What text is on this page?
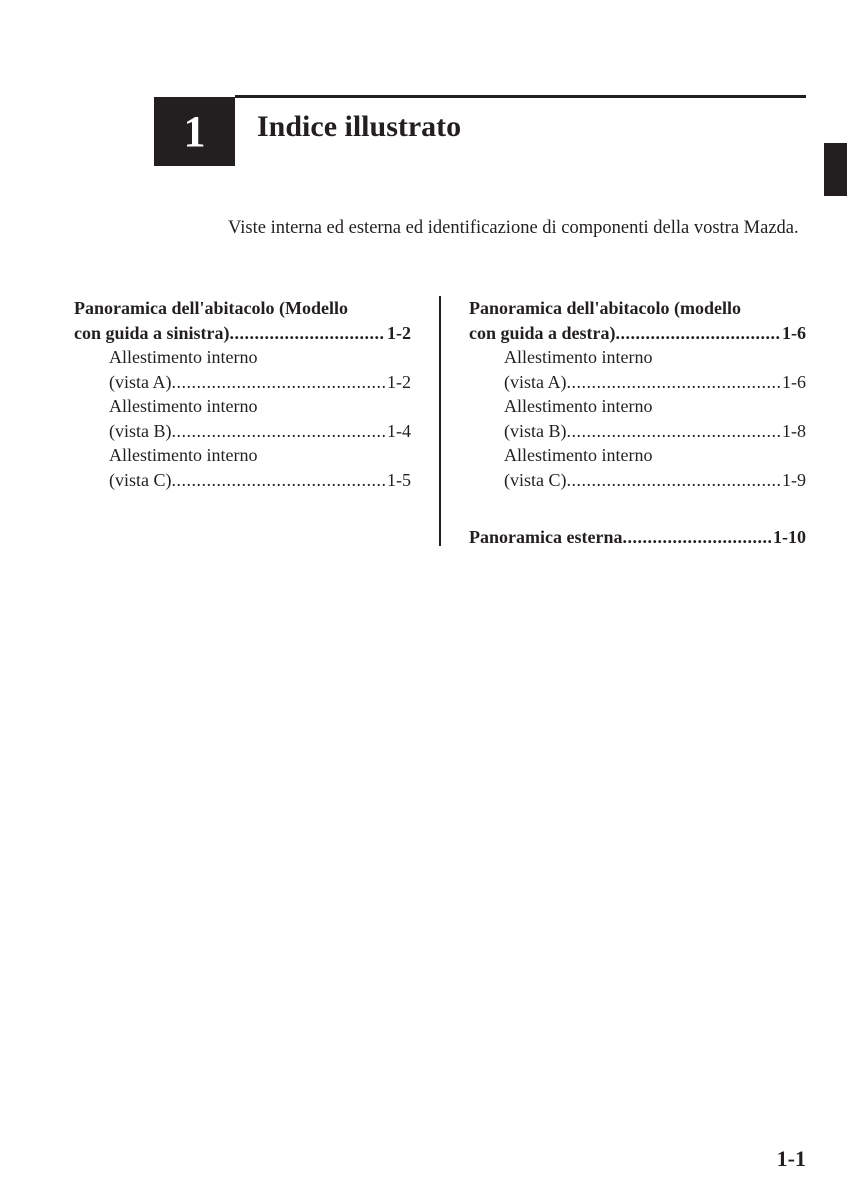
1 Indice illustrato
Viste interna ed esterna ed identificazione di componenti della vostra Mazda.
Panoramica dell'abitacolo (Modello
con guida a sinistra) .....	1-2
Allestimento interno
(vista A) .....	1-2
Allestimento interno
(vista B) .....	1-4
Allestimento interno
(vista C) .....	1-5
Panoramica dell'abitacolo (modello
con guida a destra) .....	1-6
Allestimento interno
(vista A) .....	1-6
Allestimento interno
(vista B) .....	1-8
Allestimento interno
(vista C) .....	1-9
Panoramica esterna .....	1-10
1-1
